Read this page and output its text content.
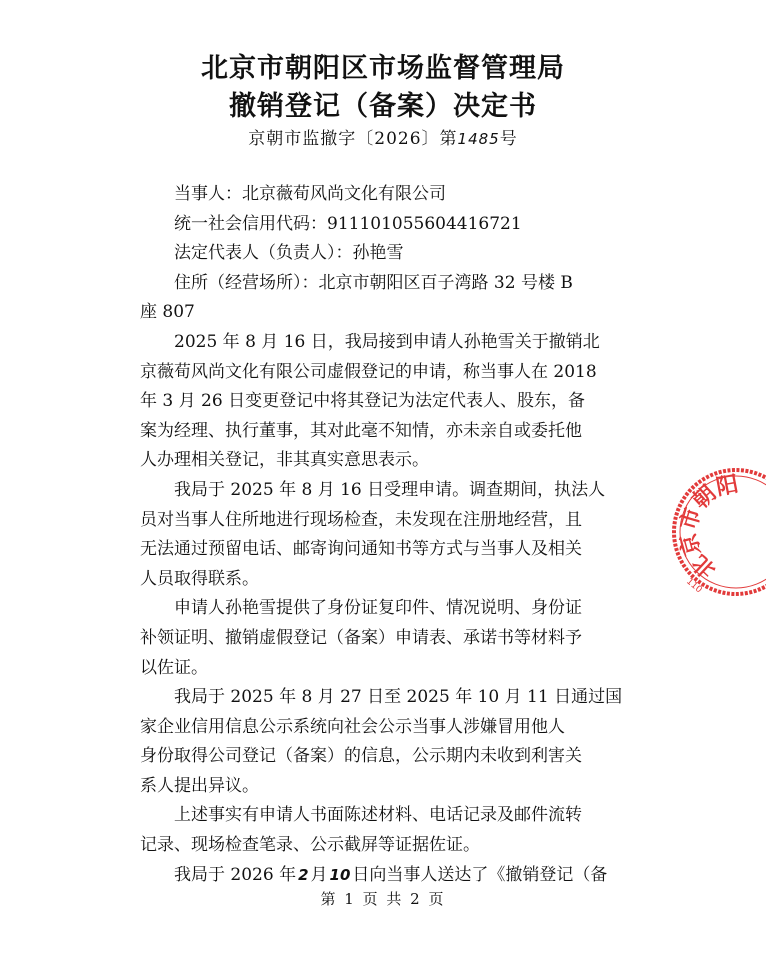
北京市朝阳区市场监督管理局
撤销登记（备案）决定书
京朝市监撤字〔2026〕第1485号
当事人：北京薇荀风尚文化有限公司
统一社会信用代码：911101055604416721
法定代表人（负责人）：孙艳雪
住所（经营场所）：北京市朝阳区百子湾路 32 号楼 B
座 807
2025 年 8 月 16 日，我局接到申请人孙艳雪关于撤销北
京薇荀风尚文化有限公司虚假登记的申请，称当事人在 2018
年 3 月 26 日变更登记中将其登记为法定代表人、股东，备
案为经理、执行董事，其对此毫不知情，亦未亲自或委托他
人办理相关登记，非其真实意思表示。
我局于 2025 年 8 月 16 日受理申请。调查期间，执法人
员对当事人住所地进行现场检查，未发现在注册地经营，且
无法通过预留电话、邮寄询问通知书等方式与当事人及相关
人员取得联系。
申请人孙艳雪提供了身份证复印件、情况说明、身份证
补领证明、撤销虚假登记（备案）申请表、承诺书等材料予
以佐证。
我局于 2025 年 8 月 27 日至 2025 年 10 月 11 日通过国
家企业信用信息公示系统向社会公示当事人涉嫌冒用他人
身份取得公司登记（备案）的信息，公示期内未收到利害关
系人提出异议。
上述事实有申请人书面陈述材料、电话记录及邮件流转
记录、现场检查笔录、公示截屏等证据佐证。
我局于 2026 年 2 月 10 日向当事人送达了《撤销登记（备
第 1 页 共 2 页
北京市朝阳
110
